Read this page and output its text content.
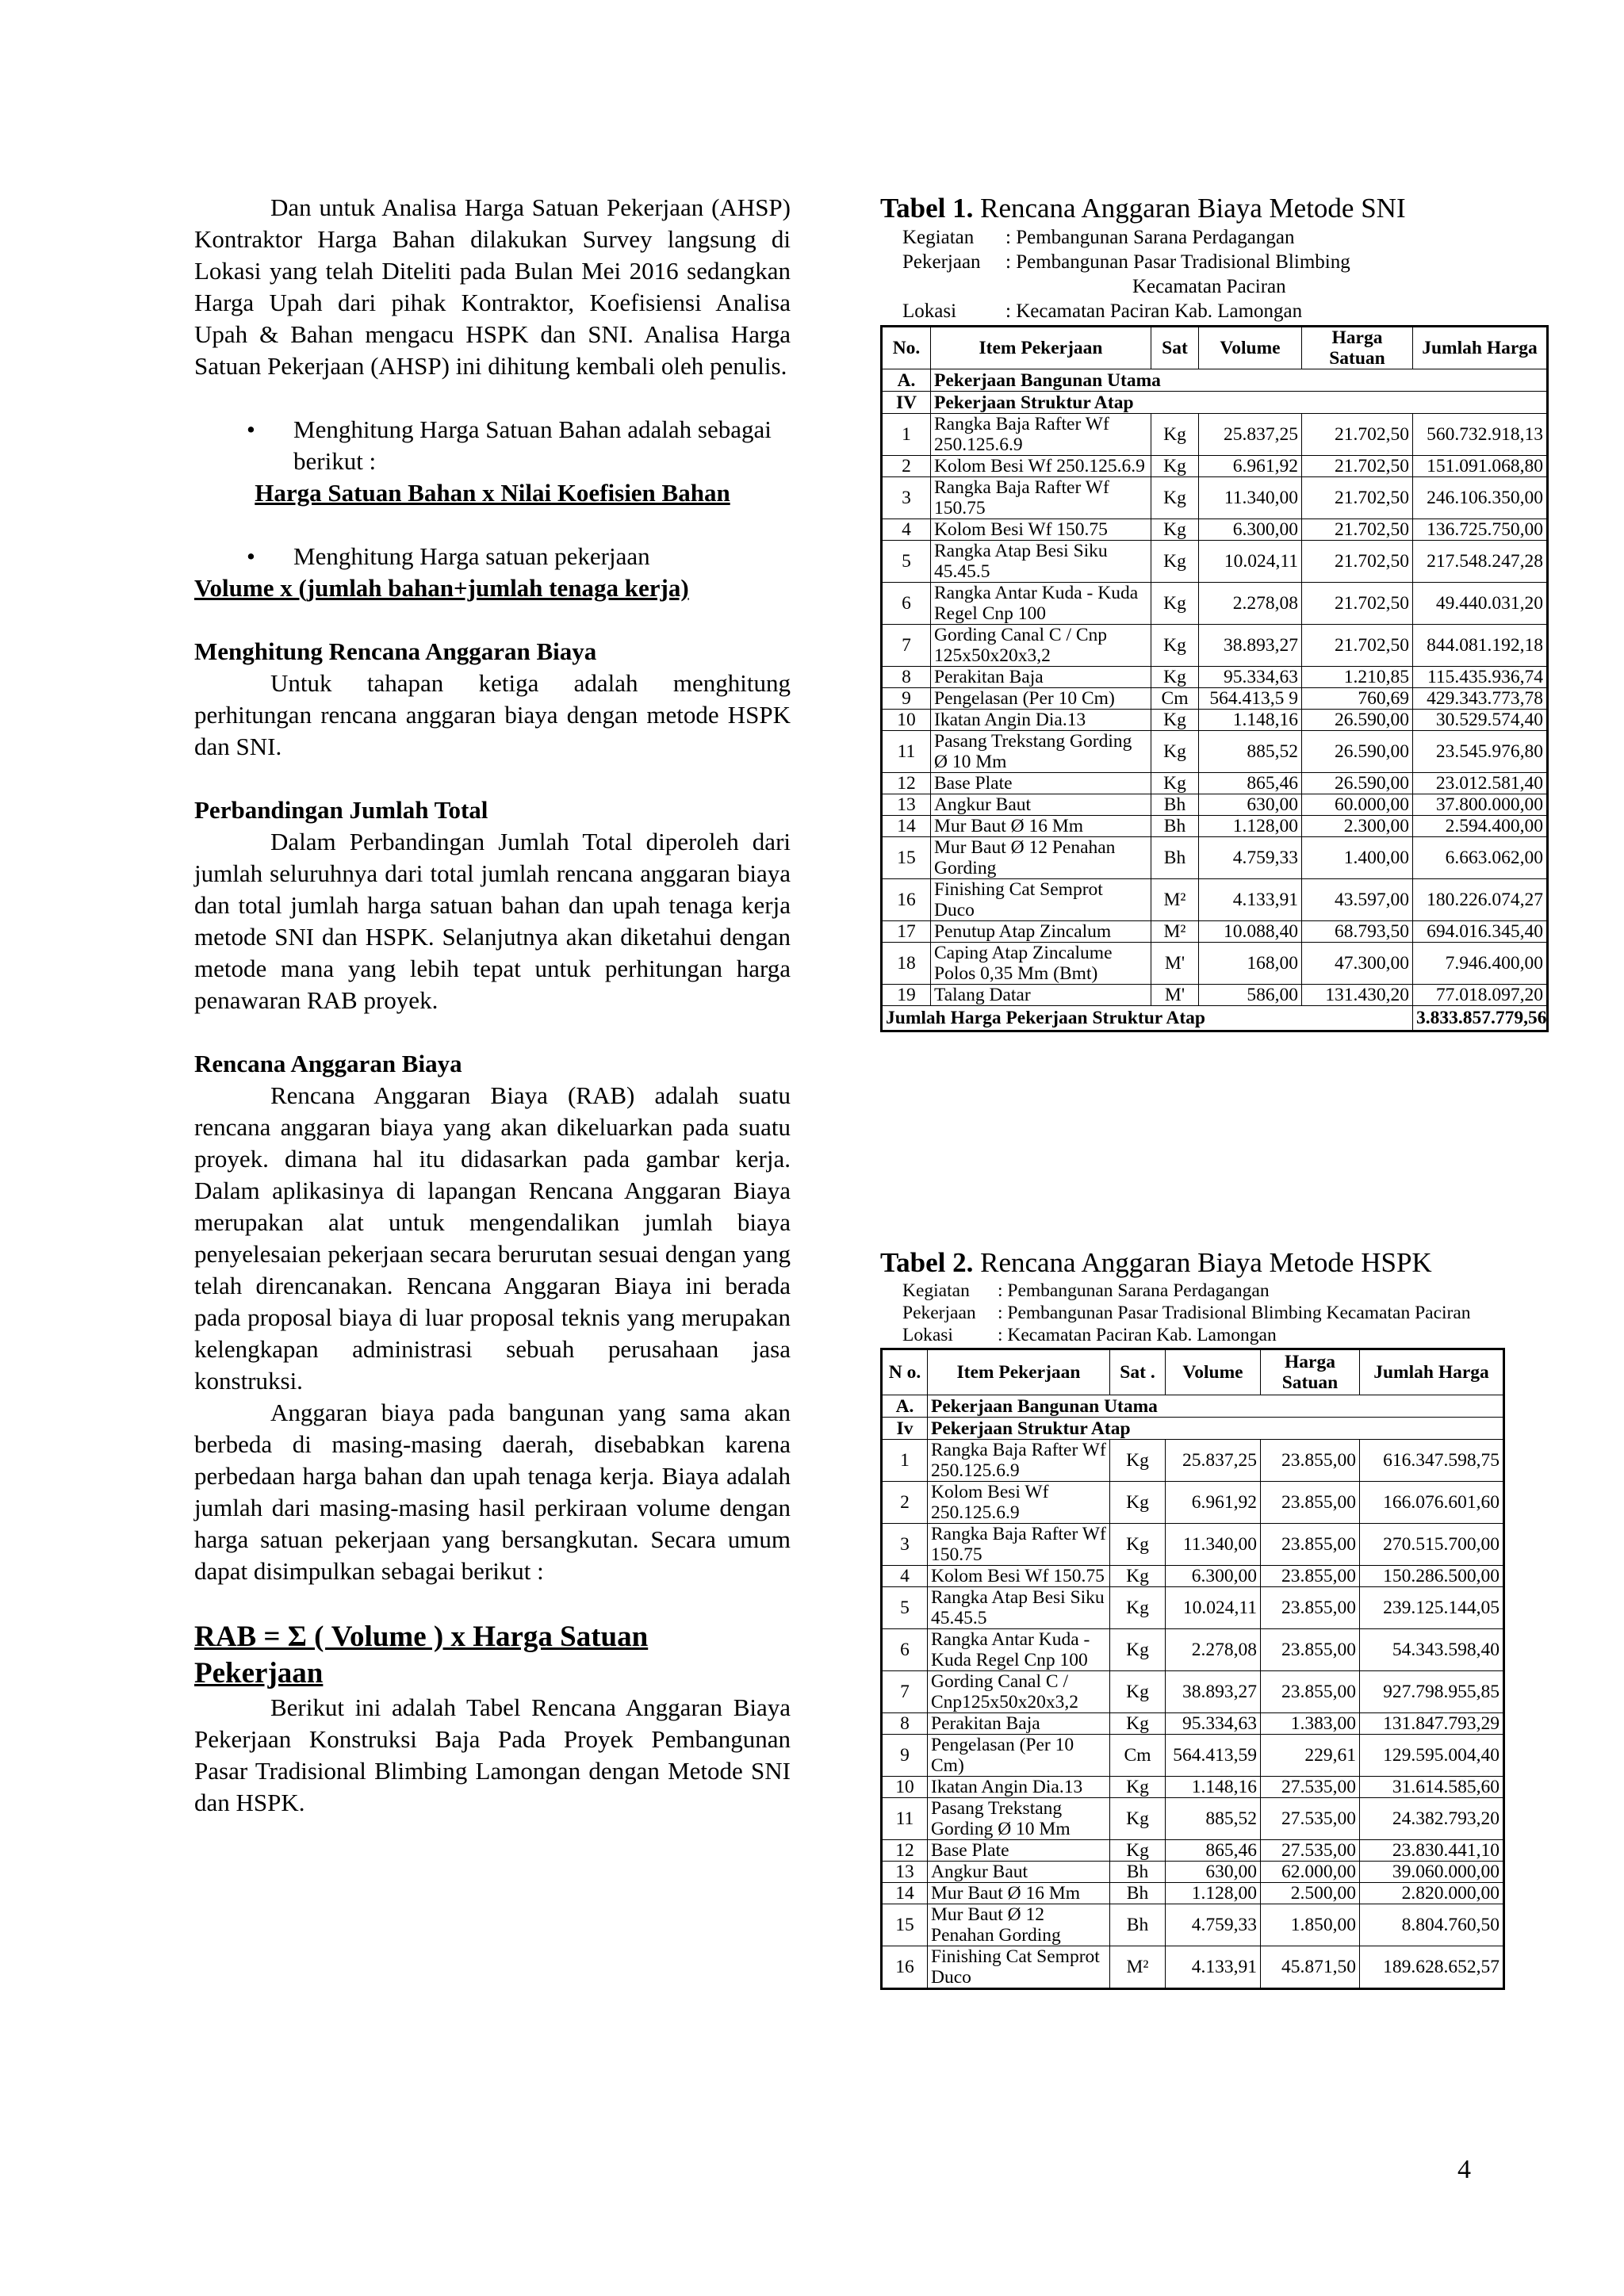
Dan untuk Analisa Harga Satuan Pekerjaan (AHSP) Kontraktor Harga Bahan dilakukan Survey langsung di Lokasi yang telah Diteliti pada Bulan Mei 2016 sedangkan Harga Upah dari pihak Kontraktor, Koefisiensi Analisa Upah & Bahan mengacu HSPK dan SNI. Analisa Harga Satuan Pekerjaan (AHSP) ini dihitung kembali oleh penulis.

• Menghitung Harga Satuan Bahan adalah sebagai berikut :

Harga Satuan Bahan x Nilai Koefisien Bahan

• Menghitung Harga satuan pekerjaan

Volume x (jumlah bahan+jumlah tenaga kerja)

Menghitung Rencana Anggaran Biaya

Untuk tahapan ketiga adalah menghitung perhitungan rencana anggaran biaya dengan metode HSPK dan SNI.

Perbandingan Jumlah Total

Dalam Perbandingan Jumlah Total diperoleh dari jumlah seluruhnya dari total jumlah rencana anggaran biaya dan total jumlah harga satuan bahan dan upah tenaga kerja metode SNI dan HSPK. Selanjutnya akan diketahui dengan metode mana yang lebih tepat untuk perhitungan harga penawaran RAB proyek.

Rencana Anggaran Biaya

Rencana Anggaran Biaya (RAB) adalah suatu rencana anggaran biaya yang akan dikeluarkan pada suatu proyek. dimana hal itu didasarkan pada gambar kerja. Dalam aplikasinya di lapangan Rencana Anggaran Biaya merupakan alat untuk mengendalikan jumlah biaya penyelesaian pekerjaan secara berurutan sesuai dengan yang telah direncanakan. Rencana Anggaran Biaya ini berada pada proposal biaya di luar proposal teknis yang merupakan kelengkapan administrasi sebuah perusahaan jasa konstruksi.

Anggaran biaya pada bangunan yang sama akan berbeda di masing-masing daerah, disebabkan karena perbedaan harga bahan dan upah tenaga kerja. Biaya adalah jumlah dari masing-masing hasil perkiraan volume dengan harga satuan pekerjaan yang bersangkutan. Secara umum dapat disimpulkan sebagai berikut :

RAB = Σ ( Volume ) x Harga Satuan

Pekerjaan

Berikut ini adalah Tabel Rencana Anggaran Biaya Pekerjaan Konstruksi Baja Pada Proyek Pembangunan Pasar Tradisional Blimbing Lamongan dengan Metode SNI dan HSPK.

Tabel 1. Rencana Anggaran Biaya Metode SNI
Kegiatan	: Pembangunan Sarana Perdagangan
Pekerjaan	: Pembangunan Pasar Tradisional Blimbing
Kecamatan Paciran
Lokasi	: Kecamatan Paciran Kab. Lamongan
No.	Item Pekerjaan	Sat	Volume	Harga Satuan	Jumlah Harga
A.	Pekerjaan Bangunan Utama				
IV	Pekerjaan Struktur Atap				
1	Rangka Baja Rafter Wf 250.125.6.9	Kg	25.837,25	21.702,50	560.732.918,13
2	Kolom Besi Wf 250.125.6.9	Kg	6.961,92	21.702,50	151.091.068,80
3	Rangka Baja Rafter Wf 150.75	Kg	11.340,00	21.702,50	246.106.350,00
4	Kolom Besi Wf 150.75	Kg	6.300,00	21.702,50	136.725.750,00
5	Rangka Atap Besi Siku 45.45.5	Kg	10.024,11	21.702,50	217.548.247,28
6	Rangka Antar Kuda - Kuda Regel Cnp 100	Kg	2.278,08	21.702,50	49.440.031,20
7	Gording Canal C / Cnp 125x50x20x3,2	Kg	38.893,27	21.702,50	844.081.192,18
8	Perakitan Baja	Kg	95.334,63	1.210,85	115.435.936,74
9	Pengelasan (Per 10 Cm)	Cm	564.413,5 9	760,69	429.343.773,78
10	Ikatan Angin Dia.13	Kg	1.148,16	26.590,00	30.529.574,40
11	Pasang Trekstang Gording Ø 10 Mm	Kg	885,52	26.590,00	23.545.976,80
12	Base Plate	Kg	865,46	26.590,00	23.012.581,40
13	Angkur Baut	Bh	630,00	60.000,00	37.800.000,00
14	Mur Baut Ø 16 Mm	Bh	1.128,00	2.300,00	2.594.400,00
15	Mur Baut Ø 12 Penahan Gording	Bh	4.759,33	1.400,00	6.663.062,00
16	Finishing Cat Semprot Duco	M²	4.133,91	43.597,00	180.226.074,27
17	Penutup Atap Zincalum	M²	10.088,40	68.793,50	694.016.345,40
18	Caping Atap Zincalume Polos 0,35 Mm (Bmt)	M'	168,00	47.300,00	7.946.400,00
19	Talang Datar	M'	586,00	131.430,20	77.018.097,20
Jumlah Harga Pekerjaan Struktur Atap					3.833.857.779,56
Tabel 2. Rencana Anggaran Biaya Metode HSPK
Kegiatan	: Pembangunan Sarana Perdagangan
Pekerjaan	: Pembangunan Pasar Tradisional Blimbing Kecamatan Paciran
Lokasi	: Kecamatan Paciran Kab. Lamongan
N o.	Item Pekerjaan	Sat .	Volume	Harga Satuan	Jumlah Harga
A.	Pekerjaan Bangunan Utama				
Iv	Pekerjaan Struktur Atap				
1	Rangka Baja Rafter Wf 250.125.6.9	Kg	25.837,25	23.855,00	616.347.598,75
2	Kolom Besi Wf 250.125.6.9	Kg	6.961,92	23.855,00	166.076.601,60
3	Rangka Baja Rafter Wf 150.75	Kg	11.340,00	23.855,00	270.515.700,00
4	Kolom Besi Wf 150.75	Kg	6.300,00	23.855,00	150.286.500,00
5	Rangka Atap Besi Siku 45.45.5	Kg	10.024,11	23.855,00	239.125.144,05
6	Rangka Antar Kuda - Kuda Regel Cnp 100	Kg	2.278,08	23.855,00	54.343.598,40
7	Gording Canal C / Cnp125x50x20x3,2	Kg	38.893,27	23.855,00	927.798.955,85
8	Perakitan Baja	Kg	95.334,63	1.383,00	131.847.793,29
9	Pengelasan (Per 10 Cm)	Cm	564.413,59	229,61	129.595.004,40
10	Ikatan Angin Dia.13	Kg	1.148,16	27.535,00	31.614.585,60
11	Pasang Trekstang Gording Ø 10 Mm	Kg	885,52	27.535,00	24.382.793,20
12	Base Plate	Kg	865,46	27.535,00	23.830.441,10
13	Angkur Baut	Bh	630,00	62.000,00	39.060.000,00
14	Mur Baut Ø 16 Mm	Bh	1.128,00	2.500,00	2.820.000,00
15	Mur Baut Ø 12 Penahan Gording	Bh	4.759,33	1.850,00	8.804.760,50
16	Finishing Cat Semprot Duco	M²	4.133,91	45.871,50	189.628.652,57
4
